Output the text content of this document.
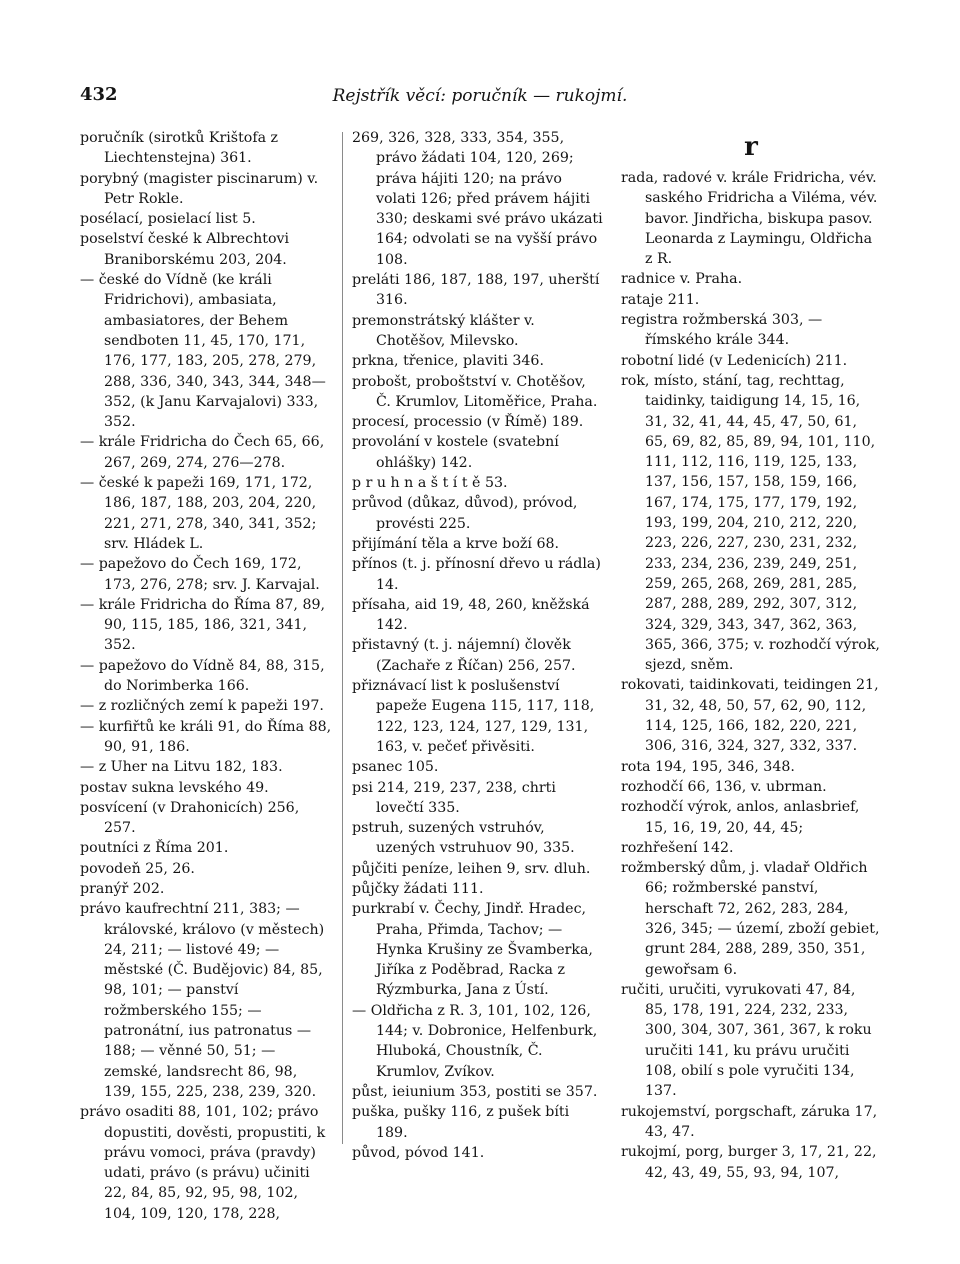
432	Rejstřík věcí: poručník — rukojmí.
poručník (sirotků Krištofa z Liechtenstejna) 361.
porybný (magister piscinarum) v. Petr Rokle.
posélací, posielací list 5.
poselství české k Albrechtovi Braniborskému 203, 204.
— české do Vídně (ke králi Fridrichovi), ambasiata, ambasiatores, der Behem sendboten 11, 45, 170, 171, 176, 177, 183, 205, 278, 279, 288, 336, 340, 343, 344, 348—352, (k Janu Karvajalovi) 333, 352.
— krále Fridricha do Čech 65, 66, 267, 269, 274, 276—278.
— české k papeži 169, 171, 172, 186, 187, 188, 203, 204, 220, 221, 271, 278, 340, 341, 352; srv. Hládek L.
— papežovo do Čech 169, 172, 173, 276, 278; srv. J. Karvajal.
— krále Fridricha do Říma 87, 89, 90, 115, 185, 186, 321, 341, 352.
— papežovo do Vídně 84, 88, 315, do Norimberka 166.
— z rozličných zemí k papeži 197.
— kurfiřtů ke králi 91, do Říma 88, 90, 91, 186.
— z Uher na Litvu 182, 183.
postav sukna levského 49.
posvícení (v Drahonicích) 256, 257.
poutníci z Říma 201.
povodeň 25, 26.
pranýř 202.
právo kaufrechtní 211, 383; — královské, královo (v městech) 24, 211; — listové 49; — městské (Č. Budějovic) 84, 85, 98, 101; — panství rožmberského 155; — patronátní, ius patronatus — 188; — věnné 50, 51; — zemské, landsrecht 86, 98, 139, 155, 225, 238, 239, 320.
právo osaditi 88, 101, 102; právo dopustiti, dověsti, propustiti, k právu vomoci, práva (pravdy) udati, právo (s právu) učiniti 22, 84, 85, 92, 95, 98, 102, 104, 109, 120, 178, 228,
269, 326, 328, 333, 354, 355, právo žádati 104, 120, 269; práva hájiti 120; na právo volati 126; před právem hájiti 330; deskami své právo ukázati 164; odvolati se na vyšší právo 108.
preláti 186, 187, 188, 197, uherští 316.
premonstrátský klášter v. Chotěšov, Milevsko.
prkna, třenice, plaviti 346.
probošt, proboštství v. Chotěšov, Č. Krumlov, Litoměřice, Praha.
procesí, processio (v Římě) 189.
provolání v kostele (svatební ohlášky) 142.
p r u h n a š t í t ě 53.
průvod (důkaz, důvod), próvod, provésti 225.
přijímání těla a krve boží 68.
přínos (t. j. přínosní dřevo u rádla) 14.
přísaha, aid 19, 48, 260, kněžská 142.
přistavný (t. j. nájemní) člověk (Zachaře z Říčan) 256, 257.
přiznávací list k poslušenství papeže Eugena 115, 117, 118, 122, 123, 124, 127, 129, 131, 163, v. pečeť přivěsiti.
psanec 105.
psi 214, 219, 237, 238, chrti lovečtí 335.
pstruh, suzených vstruhóv, uzených vstruhuov 90, 335.
půjčiti peníze, leihen 9, srv. dluh.
půjčky žádati 111.
purkrabí v. Čechy, Jindř. Hradec, Praha, Přimda, Tachov; — Hynka Krušiny ze Švamberka, Jiříka z Poděbrad, Racka z Rýzmburka, Jana z Ústí.
— Oldřicha z R. 3, 101, 102, 126, 144; v. Dobronice, Helfenburk, Hluboká, Choustník, Č. Krumlov, Zvíkov.
půst, ieiunium 353, postiti se 357.
puška, pušky 116, z pušek bíti 189.
původ, póvod 141.
r
rada, radové v. krále Fridricha, vév. saského Fridricha a Viléma, vév. bavor. Jindřicha, biskupa pasov. Leonarda z Laymingu, Oldřicha z R.
radnice v. Praha.
rataje 211.
registra rožmberská 303, — římského krále 344.
robotní lidé (v Ledenicích) 211.
rok, místo, stání, tag, rechttag, taidinky, taidigung 14, 15, 16, 31, 32, 41, 44, 45, 47, 50, 61, 65, 69, 82, 85, 89, 94, 101, 110, 111, 112, 116, 119, 125, 133, 137, 156, 157, 158, 159, 166, 167, 174, 175, 177, 179, 192, 193, 199, 204, 210, 212, 220, 223, 226, 227, 230, 231, 232, 233, 234, 236, 239, 249, 251, 259, 265, 268, 269, 281, 285, 287, 288, 289, 292, 307, 312, 324, 329, 343, 347, 362, 363, 365, 366, 375; v. rozhodčí výrok, sjezd, sněm.
rokovati, taidinkovati, teidingen 21, 31, 32, 48, 50, 57, 62, 90, 112, 114, 125, 166, 182, 220, 221, 306, 316, 324, 327, 332, 337.
rota 194, 195, 346, 348.
rozhodčí 66, 136, v. ubrman.
rozhodčí výrok, anlos, anlasbrief, 15, 16, 19, 20, 44, 45;
rozhřešení 142.
rožmberský dům, j. vladař Oldřich 66; rožmberské panství, herschaft 72, 262, 283, 284, 326, 345; — území, zboží gebiet, grunt 284, 288, 289, 350, 351, gewořsam 6.
ručiti, uručiti, vyrukovati 47, 84, 85, 178, 191, 224, 232, 233, 300, 304, 307, 361, 367, k roku uručiti 141, ku právu uručiti 108, obilí s pole vyručiti 134, 137.
rukojemství, porgschaft, záruka 17, 43, 47.
rukojmí, porg, burger 3, 17, 21, 22, 42, 43, 49, 55, 93, 94, 107,
